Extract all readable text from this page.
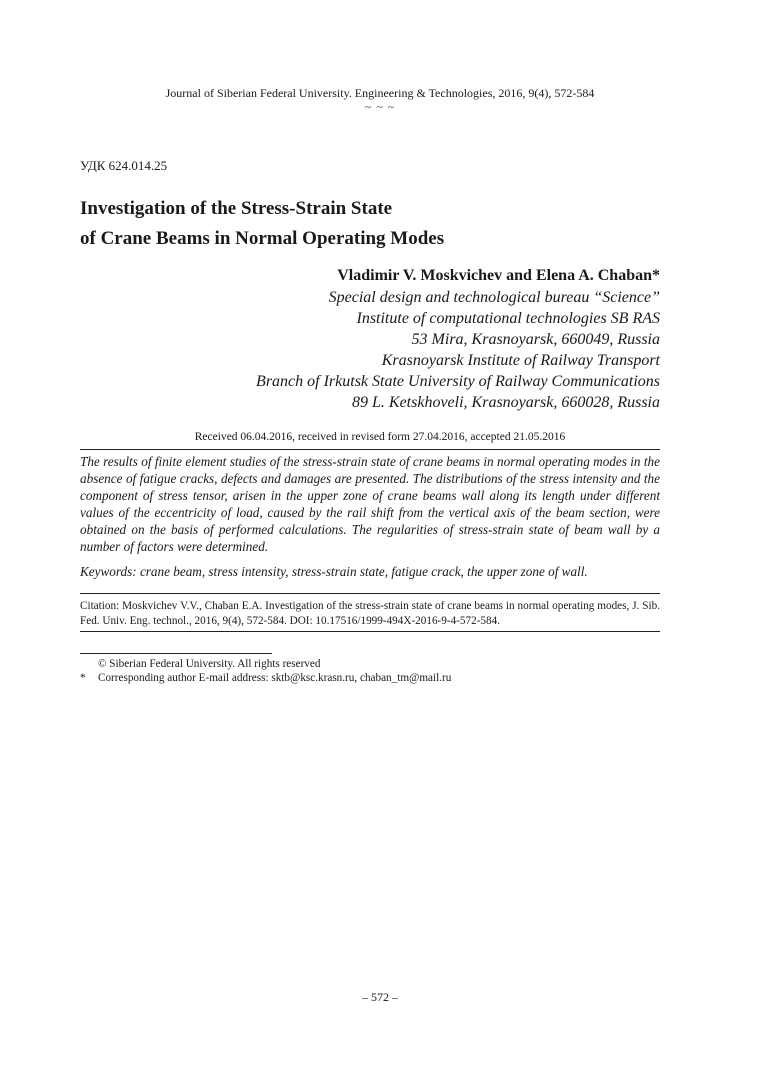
Journal of Siberian Federal University. Engineering & Technologies, 2016, 9(4), 572-584
~ ~ ~
УДК 624.014.25
Investigation of the Stress-Strain State
of Crane Beams in Normal Operating Modes
Vladimir V. Moskvichev and Elena A. Chaban*
Special design and technological bureau “Science”
Institute of computational technologies SB RAS
53 Mira, Krasnoyarsk, 660049, Russia
Krasnoyarsk Institute of Railway Transport
Branch of Irkutsk State University of Railway Communications
89 L. Ketskhoveli, Krasnoyarsk, 660028, Russia
Received 06.04.2016, received in revised form 27.04.2016, accepted 21.05.2016

The results of finite element studies of the stress-strain state of crane beams in normal operating modes in the absence of fatigue cracks, defects and damages are presented. The distributions of the stress intensity and the component of stress tensor, arisen in the upper zone of crane beams wall along its length under different values of the eccentricity of load, caused by the rail shift from the vertical axis of the beam section, were obtained on the basis of performed calculations. The regularities of stress-strain state of beam wall by a number of factors were determined.

Keywords: crane beam, stress intensity, stress-strain state, fatigue crack, the upper zone of wall.
Citation: Moskvichev V.V., Chaban E.A. Investigation of the stress-strain state of crane beams in normal operating modes, J. Sib. Fed. Univ. Eng. technol., 2016, 9(4), 572-584. DOI: 10.17516/1999-494X-2016-9-4-572-584.
© Siberian Federal University. All rights reserved
* Corresponding author E-mail address: sktb@ksc.krasn.ru, chaban_tm@mail.ru
– 572 –
